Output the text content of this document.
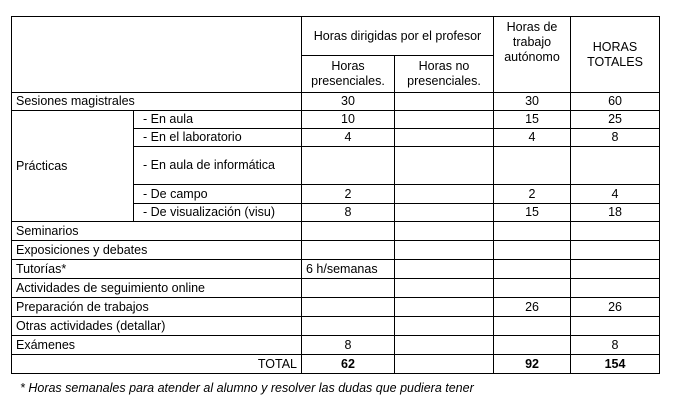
		Horas dirigidas por el profesor		Horas de trabajo autónomo	HORAS TOTALES
		Horas presenciales.	Horas no presenciales.		
Sesiones magistrales		30		30	60
Prácticas	- En aula	10		15	25
	- En el laboratorio	4		4	8
	- En aula de informática				
	- De campo	2		2	4
	- De visualización (visu)	8		15	18
Seminarios					
Exposiciones y debates					
Tutorías*		6 h/semanas			
Actividades de seguimiento online					
Preparación de trabajos				26	26
Otras actividades (detallar)					
Exámenes		8			8
TOTAL		62		92	154
* Horas semanales para atender al alumno y resolver las dudas que pudiera tener
